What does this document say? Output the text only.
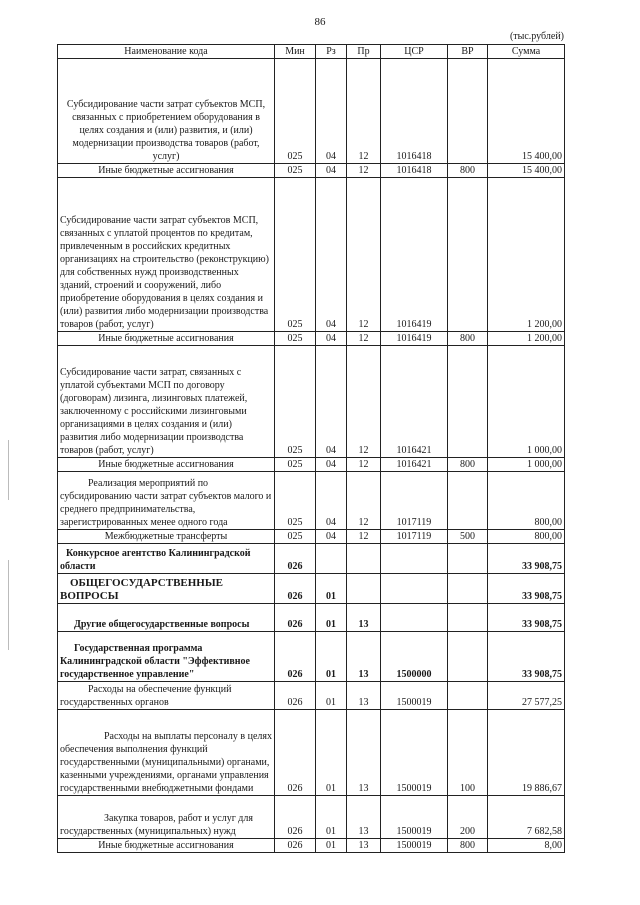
86
(тыс.рублей)
Наименование кода	Мин	Рз	Пр	ЦСР	ВР	Сумма
Субсидирование части затрат субъектов МСП, связанных с приобретением оборудования в целях создания и (или) развития, и (или) модернизации производства товаров (работ, услуг)	025	04	12	1016418		15 400,00
Иные бюджетные ассигнования	025	04	12	1016418	800	15 400,00
Субсидирование части затрат субъектов МСП, связанных с уплатой процентов по кредитам, привлеченным в российских кредитных организациях на строительство (реконструкцию) для собственных нужд производственных зданий, строений и сооружений, либо приобретение оборудования в целях создания и (или) развития либо модернизации производства товаров (работ, услуг)	025	04	12	1016419		1 200,00
Иные бюджетные ассигнования	025	04	12	1016419	800	1 200,00
Субсидирование части затрат, связанных с уплатой субъектами МСП по договору (договорам) лизинга, лизинговых платежей, заключенному с российскими лизинговыми организациями в целях создания и (или) развития либо модернизации производства товаров (работ, услуг)	025	04	12	1016421		1 000,00
Иные бюджетные ассигнования	025	04	12	1016421	800	1 000,00
Реализация мероприятий по субсидированию части затрат субъектов малого и среднего предпринимательства, зарегистрированных менее одного года	025	04	12	1017119		800,00
Межбюджетные трансферты	025	04	12	1017119	500	800,00
Конкурсное агентство Калининградской области	026					33 908,75
ОБЩЕГОСУДАРСТВЕННЫЕ ВОПРОСЫ	026	01				33 908,75
Другие общегосударственные вопросы	026	01	13			33 908,75
Государственная программа Калининградской области "Эффективное государственное управление"	026	01	13	1500000		33 908,75
Расходы на обеспечение функций государственных органов	026	01	13	1500019		27 577,25
Расходы на выплаты персоналу в целях обеспечения выполнения функций государственными (муниципальными) органами, казенными учреждениями, органами управления государственными внебюджетными фондами	026	01	13	1500019	100	19 886,67
Закупка товаров, работ и услуг для государственных (муниципальных) нужд	026	01	13	1500019	200	7 682,58
Иные бюджетные ассигнования	026	01	13	1500019	800	8,00
